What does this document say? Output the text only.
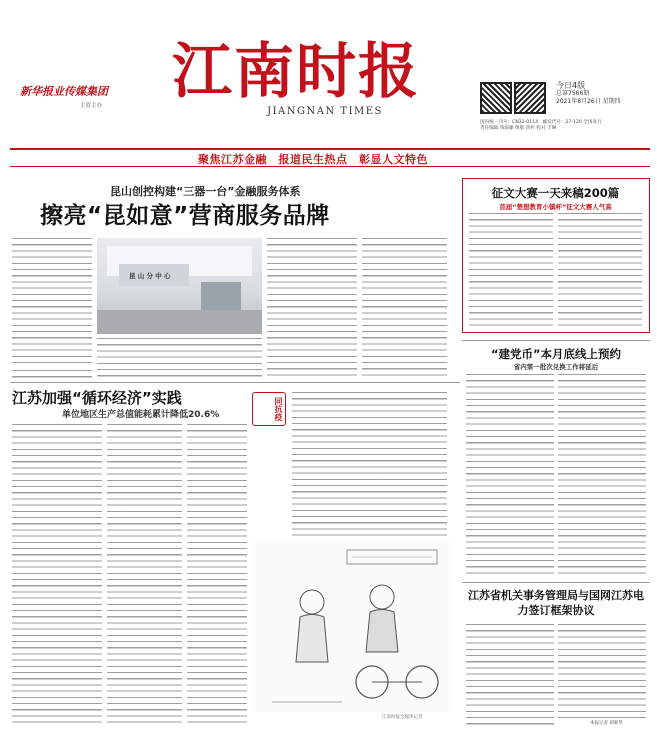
新华报业传媒集团
主管主办	江南时报
JIANGNAN TIMES
今日4版
总第7566期
2021年8月26日 星期四
国内统一刊号：CN32-0114　邮发代号：27-120 全国发行
责任编辑 钱海藤 组版 蒋杉 校对 于琳
聚焦江苏金融　报道民生热点　彰显人文特色
昆山创控构建“三器一台”金融服务体系
擦亮“昆如意”营商服务品牌
昆 山 分 中 心
征文大赛一天来稿200篇
首届“楚想教育小镇杯”征文大赛人气高
江苏加强“循环经济”实践
单位地区生产总值能耗累计降低20.6%	同抗疫
江南时报全媒体记者
“建党币”本月底线上预约
省内第一批次兑换工作将延后
江苏省机关事务管理局与国网江苏电力签订框架协议
本报记者 胡新华
